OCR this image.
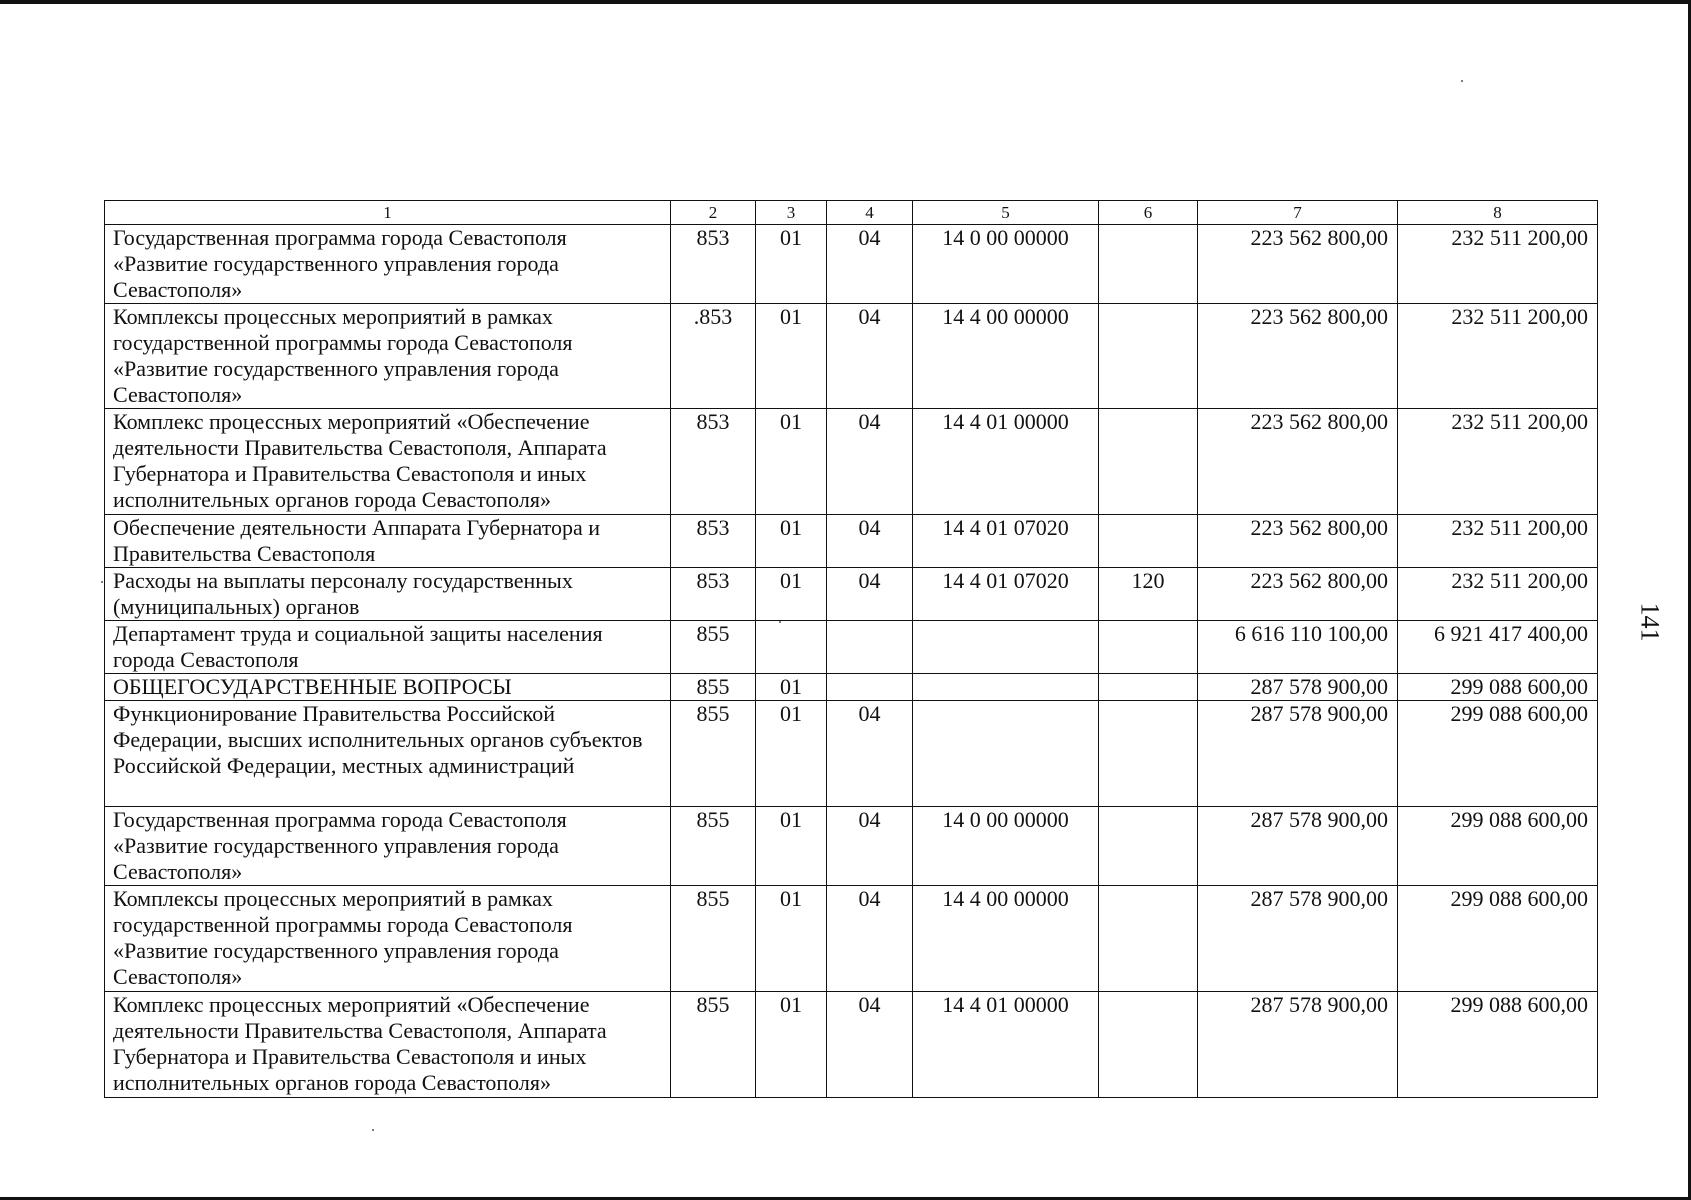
1	2	3	4	5	6	7	8
Государственная программа города Севастополя «Развитие государственного управления города Севастополя»	853	01	04	14 0 00 00000		223 562 800,00	232 511 200,00
Комплексы процессных мероприятий в рамках государственной программы города Севастополя «Развитие государственного управления города Севастополя»	.853	01	04	14 4 00 00000		223 562 800,00	232 511 200,00
Комплекс процессных мероприятий «Обеспечение деятельности Правительства Севастополя, Аппарата Губернатора и Правительства Севастополя и иных исполнительных органов города Севастополя»	853	01	04	14 4 01 00000		223 562 800,00	232 511 200,00
Обеспечение деятельности Аппарата Губернатора и Правительства Севастополя	853	01	04	14 4 01 07020		223 562 800,00	232 511 200,00
Расходы на выплаты персоналу государственных (муниципальных) органов	853	01	04	14 4 01 07020	120	223 562 800,00	232 511 200,00
Департамент труда и социальной защиты населения города Севастополя	855					6 616 110 100,00	6 921 417 400,00
ОБЩЕГОСУДАРСТВЕННЫЕ ВОПРОСЫ	855	01				287 578 900,00	299 088 600,00
Функционирование Правительства Российской Федерации, высших исполнительных органов субъектов Российской Федерации, местных администраций	855	01	04			287 578 900,00	299 088 600,00
Государственная программа города Севастополя «Развитие государственного управления города Севастополя»	855	01	04	14 0 00 00000		287 578 900,00	299 088 600,00
Комплексы процессных мероприятий в рамках государственной программы города Севастополя «Развитие государственного управления города Севастополя»	855	01	04	14 4 00 00000		287 578 900,00	299 088 600,00
Комплекс процессных мероприятий «Обеспечение деятельности Правительства Севастополя, Аппарата Губернатора и Правительства Севастополя и иных исполнительных органов города Севастополя»	855	01	04	14 4 01 00000		287 578 900,00	299 088 600,00
141
